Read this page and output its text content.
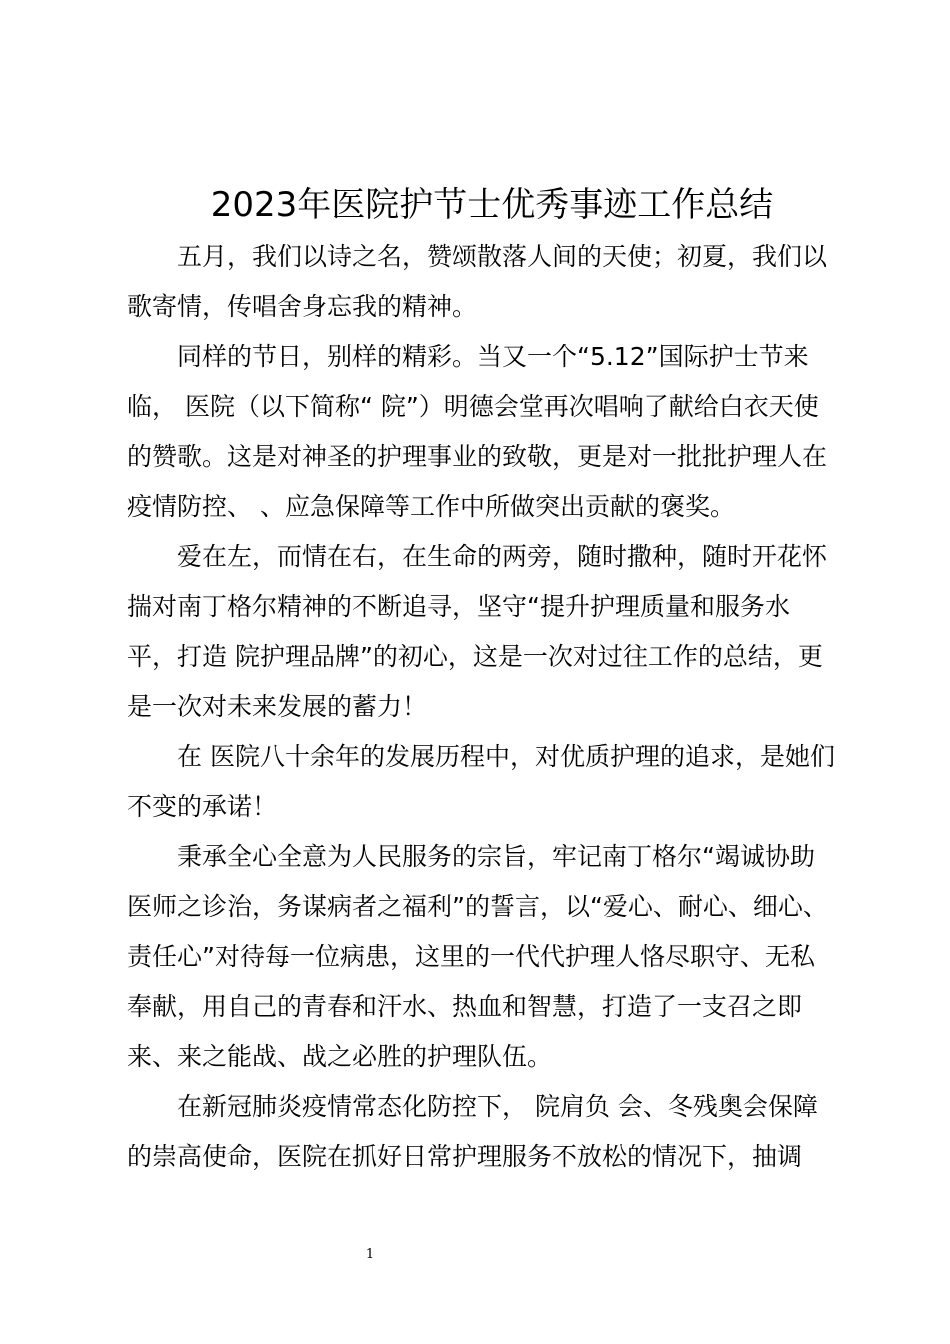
2023年医院护节士优秀事迹工作总结

五月，我们以诗之名，赞颂散落人间的天使；初夏，我们以歌寄情，传唱舍身忘我的精神。

同样的节日，别样的精彩。当又一个“5.12”国际护士节来临， 医院（以下简称“ 院”）明德会堂再次唱响了献给白衣天使的赞歌。这是对神圣的护理事业的致敬，更是对一批批护理人在疫情防控、 、应急保障等工作中所做突出贡献的褒奖。

爱在左，而情在右，在生命的两旁，随时撒种，随时开花怀揣对南丁格尔精神的不断追寻，坚守“提升护理质量和服务水平，打造 院护理品牌”的初心，这是一次对过往工作的总结，更是一次对未来发展的蓄力！

在 医院八十余年的发展历程中，对优质护理的追求，是她们不变的承诺！

秉承全心全意为人民服务的宗旨，牢记南丁格尔“竭诚协助医师之诊治，务谋病者之福利”的誓言，以“爱心、耐心、细心、责任心”对待每一位病患，这里的一代代护理人恪尽职守、无私奉献，用自己的青春和汗水、热血和智慧，打造了一支召之即来、来之能战、战之必胜的护理队伍。

在新冠肺炎疫情常态化防控下， 院肩负 会、冬残奥会保障的崇高使命，医院在抓好日常护理服务不放松的情况下，抽调

1
